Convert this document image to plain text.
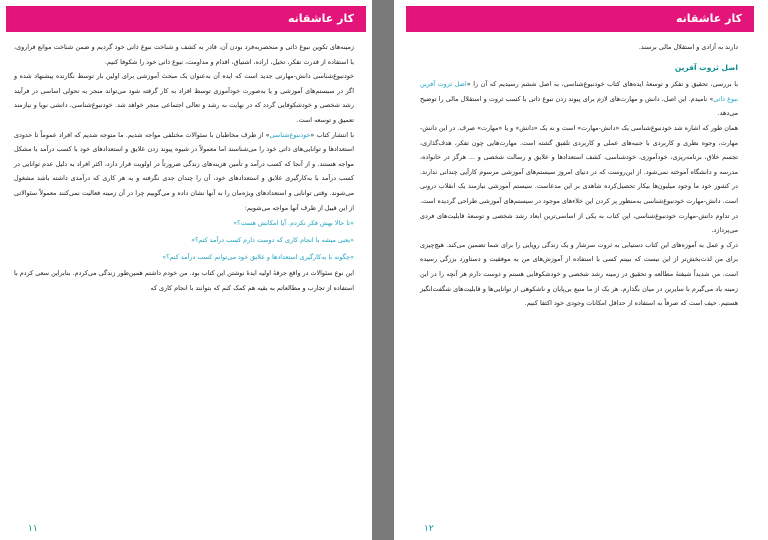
کار عاشقانه

زمینه‌های تکوین نبوغ ذاتی و منحصربه‌فرد بودن آن، قادر به کشف و شناخت نبوغ ذاتی خود گردیم و ضمن شناخت موانع فراروی، با استفاده از قدرت تفکر، تخیل، اراده، اشتیاق، اقدام و مداومت، نبوغ ذاتی خود را شکوفا کنیم.

خودنبوغ‌شناسی دانش-مهارتی جدید است که ایده آن به‌عنوان یک مبحث آموزشی برای اولین بار توسط نگارنده پیشنهاد شده و اگر در سیستم‌های آموزشی و یا به‌صورت خودآموزی توسط افراد به کار گرفته شود می‌تواند منجر به تحولی اساسی در فرآیند رشد شخصی و خودشکوفایی گردد که در نهایت به رشد و تعالی اجتماعی منجر خواهد شد. خودنبوغ‌شناسی، دانشی نوپا و نیازمند تعمیق و توسعه است.

با انتشار کتاب «خودنبوغ‌شناسی» از طرف مخاطبان با سئوالات مختلفی مواجه شدیم. ما متوجه شدیم که افراد عموماً تا حدودی استعدادها و توانایی‌های ذاتی خود را می‌شناسند اما معمولاً در شیوه پیوند زدن علایق و استعدادهای خود با کسب درآمد با مشکل مواجه هستند. و از آنجا که کسب درآمد و تأمین هزینه‌های زندگی ضرورتاً در اولویت قرار دارد، اکثر افراد به دلیل عدم توانایی در کسب درآمد با به‌کارگیری علایق و استعدادهای خود، آن را چندان جدی نگرفته و به هر کاری که درآمدی داشته باشد مشغول می‌شوند. وقتی توانایی و استعدادهای ویژه‌مان را به آنها نشان داده و می‌گوییم چرا در آن زمینه فعالیت نمی‌کنند معمولاً سئوالاتی از این قبیل از طرف آنها مواجه می‌شویم:

«تا حالا بهش فکر نکردم. آیا امکانش هست؟»

«یعنی میشه با انجام کاری که دوست دارم کسب درآمد کنم؟»

«چگونه با به‌کارگیری استعدادها و علایق خود می‌توانم کسب درآمد کنم؟»

این نوع سئوالات در واقع جرقهٔ اولیه ایدهٔ نوشتن این کتاب بود. من خودم داشتم همین‌طور زندگی می‌کردم. بنابراین سعی کردم با استفاده از تجارب و مطالعاتم به بقیه هم کمک کنم که بتوانند با انجام کاری که

۱۱
کار عاشقانه

دارند به آزادی و استقلال مالی برسند.

اصل ثروت آفرین

با بررسی، تحقیق و تفکر و توسعهٔ ایده‌های کتاب خودنبوغ‌شناسی، به اصل ششم رسیدیم که آن را «اصل ثروت آفرین نبوغ ذاتی» نامیدم. این اصل، دانش و مهارت‌های لازم برای پیوند زدن نبوغ ذاتی با کسب ثروت و استقلال مالی را توضیح می‌دهد.

همان طور که اشاره شد خودنبوغ‌شناسی یک «دانش-مهارت» است و نه یک «دانش» و یا «مهارت» صرف. در این دانش-مهارت، وجوه نظری و کاربردی با جنبه‌های عملی و کاربردی تلفیق گشته است. مهارت‌هایی چون تفکر، هدف‌گذاری، تجسم خلاق، برنامه‌ریزی، خودآموزی، خودشناسی، کشف استعدادها و علایق و رسالت شخصی و ... هرگز در خانواده، مدرسه و دانشگاه آموخته نمی‌شود. از این‌روست که در دنیای امروز سیستم‌های آموزشی مرسوم کارآیی چندانی ندارند. در کشور خود ما وجود میلیون‌ها بیکار تحصیل‌کرده شاهدی بر این مدعاست. سیستم آموزشی نیازمند یک انقلاب درونی است. دانش-مهارت خودنبوغ‌شناسی به‌منظور پر کردن این خلاءهای موجود در سیستم‌های آموزشی طراحی گردیده است. در تداوم دانش-مهارت خودنبوغ‌شناسی، این کتاب به یکی از اساسی‌ترین ابعاد رشد شخصی و توسعهٔ قابلیت‌های فردی می‌پردازد.

درک و عمل به آموزه‌های این کتاب دستیابی به ثروت سرشار و یک زندگی رویایی را برای شما تضمین می‌کند. هیچ‌چیزی برای من لذت‌بخش‌تر از این نیست که ببینم کسی با استفاده از آموزش‌های من به موفقیت و دستاورد بزرگی رسیده است. من شدیداً شیفتهٔ مطالعه و تحقیق در زمینه رشد شخصی و خودشکوفایی هستم و دوست دارم هر آنچه را در این زمینه یاد می‌گیرم با سایرین در میان بگذارم. هر یک از ما منبع بی‌پایان و ناشکوهی از توانایی‌ها و قابلیت‌های شگفت‌انگیز هستیم. حیف است که صرفاً به استفاده از حداقل امکانات وجودی خود اکتفا کنیم.

۱۲
